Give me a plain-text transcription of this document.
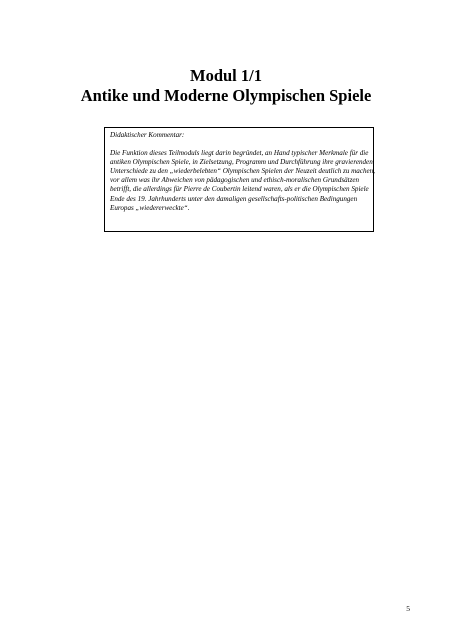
Modul 1/1

Antike und Moderne Olympischen Spiele

Didaktischer Kommentar:

Die Funktion dieses Teilmoduls liegt darin begründet, an Hand typischer Merkmale für die
antiken Olympischen Spiele, in Zielsetzung, Programm und Durchführung ihre gravierenden
Unterschiede zu den „wiederbelebten“ Olympischen Spielen der Neuzeit deutlich zu machen,
vor allem was ihr Abweichen von pädagogischen und ethisch-moralischen Grundsätzen
betrifft, die allerdings für Pierre de Coubertin leitend waren, als er die Olympischen Spiele
Ende des 19. Jahrhunderts unter den damaligen gesellschafts-politischen Bedingungen
Europas „wiedererweckte“.

5
